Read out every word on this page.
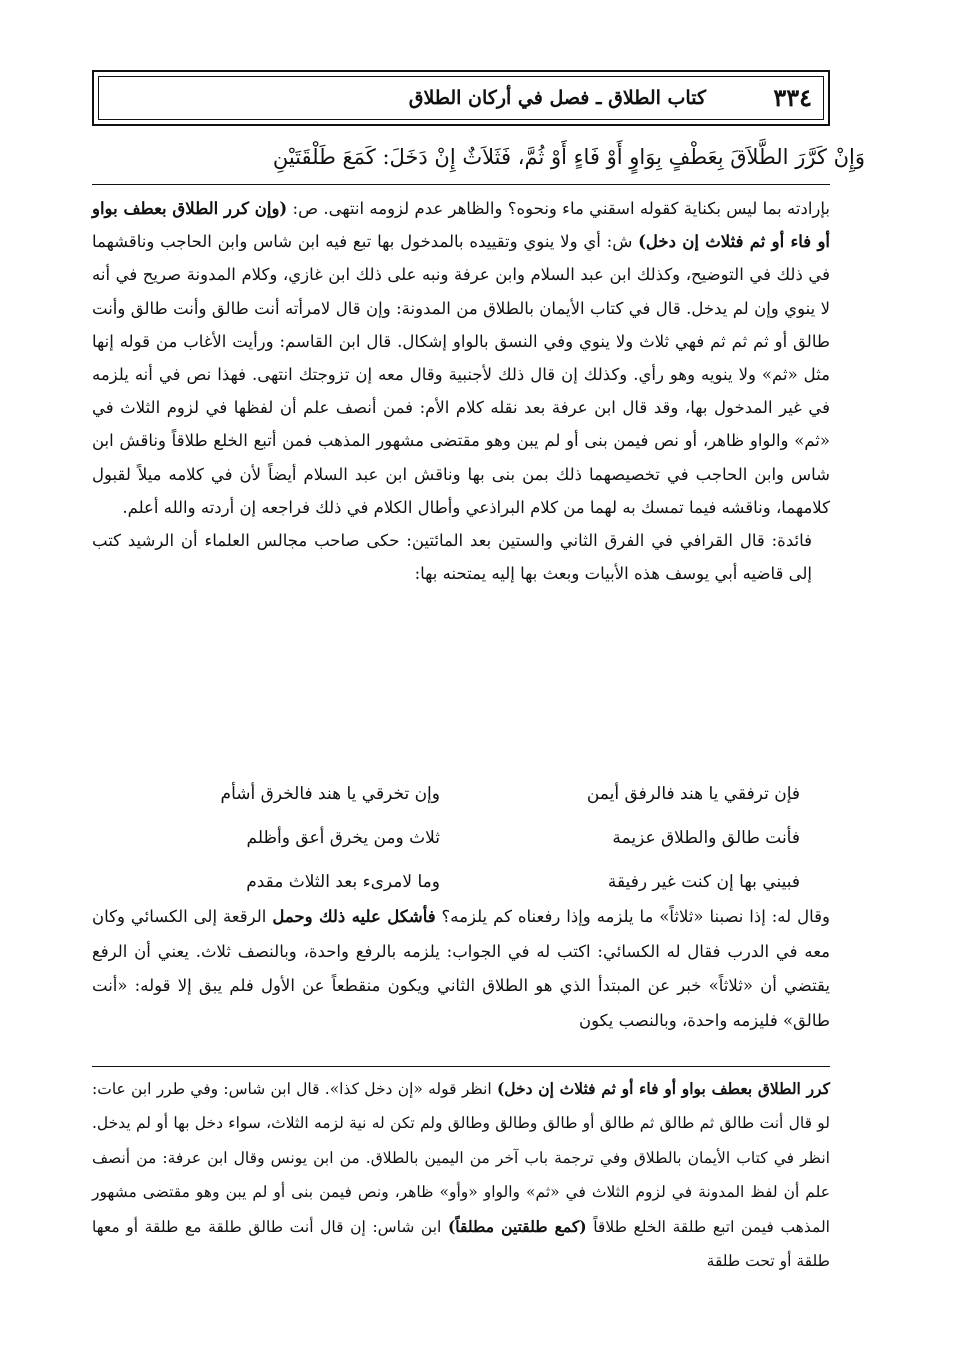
٣٣٤
كتاب الطلاق ـ فصل في أركان الطلاق
وَإِنْ كَرَّرَ الطَّلاَقَ بِعَطْفٍ بِوَاوٍ أَوْ فَاءٍ أَوْ ثُمَّ، فَثَلاَثٌ إِنْ دَخَلَ: كَمَعَ طَلْقَتَيْنِ

بإرادته بما ليس بكناية كقوله اسقني ماء ونحوه؟ والظاهر عدم لزومه انتهى. ص: (وإن كرر الطلاق بعطف بواو أو فاء أو ثم فثلاث إن دخل) ش: أي ولا ينوي وتقييده بالمدخول بها تبع فيه ابن شاس وابن الحاجب وناقشهما في ذلك في التوضيح، وكذلك ابن عبد السلام وابن عرفة ونبه على ذلك ابن غازي، وكلام المدونة صريح في أنه لا ينوي وإن لم يدخل. قال في كتاب الأيمان بالطلاق من المدونة: وإن قال لامرأته أنت طالق وأنت طالق وأنت طالق أو ثم ثم ثم فهي ثلاث ولا ينوي وفي النسق بالواو إشكال. قال ابن القاسم: ورأيت الأغاب من قوله إنها مثل «ثم» ولا ينويه وهو رأي. وكذلك إن قال ذلك لأجنبية وقال معه إن تزوجتك انتهى. فهذا نص في أنه يلزمه في غير المدخول بها، وقد قال ابن عرفة بعد نقله كلام الأم: فمن أنصف علم أن لفظها في لزوم الثلاث في «ثم» والواو ظاهر، أو نص فيمن بنى أو لم يبن وهو مقتضى مشهور المذهب فمن أتبع الخلع طلاقاً وناقش ابن شاس وابن الحاجب في تخصيصهما ذلك بمن بنى بها وناقش ابن عبد السلام أيضاً لأن في كلامه ميلاً لقبول كلامهما، وناقشه فيما تمسك به لهما من كلام البراذعي وأطال الكلام في ذلك فراجعه إن أردته والله أعلم.

فائدة: قال القرافي في الفرق الثاني والستين بعد المائتين: حكى صاحب مجالس العلماء أن الرشيد كتب إلى قاضيه أبي يوسف هذه الأبيات وبعث بها إليه يمتحنه بها:

فإن ترفقي يا هند فالرفق أيمن
وإن تخرقي يا هند فالخرق أشأم
فأنت طالق والطلاق عزيمة
ثلاث ومن يخرق أعق وأظلم
فبيني بها إن كنت غير رفيقة
وما لامرىء بعد الثلاث مقدم

وقال له: إذا نصبنا «ثلاثاً» ما يلزمه وإذا رفعناه كم يلزمه؟ فأشكل عليه ذلك وحمل الرقعة إلى الكسائي وكان معه في الدرب فقال له الكسائي: اكتب له في الجواب: يلزمه بالرفع واحدة، وبالنصف ثلاث. يعني أن الرفع يقتضي أن «ثلاثاً» خبر عن المبتدأ الذي هو الطلاق الثاني ويكون منقطعاً عن الأول فلم يبق إلا قوله: «أنت طالق» فليزمه واحدة، وبالنصب يكون

كرر الطلاق بعطف بواو أو فاء أو ثم فثلاث إن دخل) انظر قوله «إن دخل كذا». قال ابن شاس: وفي طرر ابن عات: لو قال أنت طالق ثم طالق ثم طالق أو طالق وطالق وطالق ولم تكن له نية لزمه الثلاث، سواء دخل بها أو لم يدخل. انظر في كتاب الأيمان بالطلاق وفي ترجمة باب آخر من اليمين بالطلاق. من ابن يونس وقال ابن عرفة: من أنصف علم أن لفظ المدونة في لزوم الثلاث في «ثم» والواو «وأو» ظاهر، ونص فيمن بنى أو لم يبن وهو مقتضى مشهور المذهب فيمن اتبع طلقة الخلع طلاقاً (كمع طلقتين مطلقاً) ابن شاس: إن قال أنت طالق طلقة مع طلقة أو معها طلقة أو تحت طلقة
